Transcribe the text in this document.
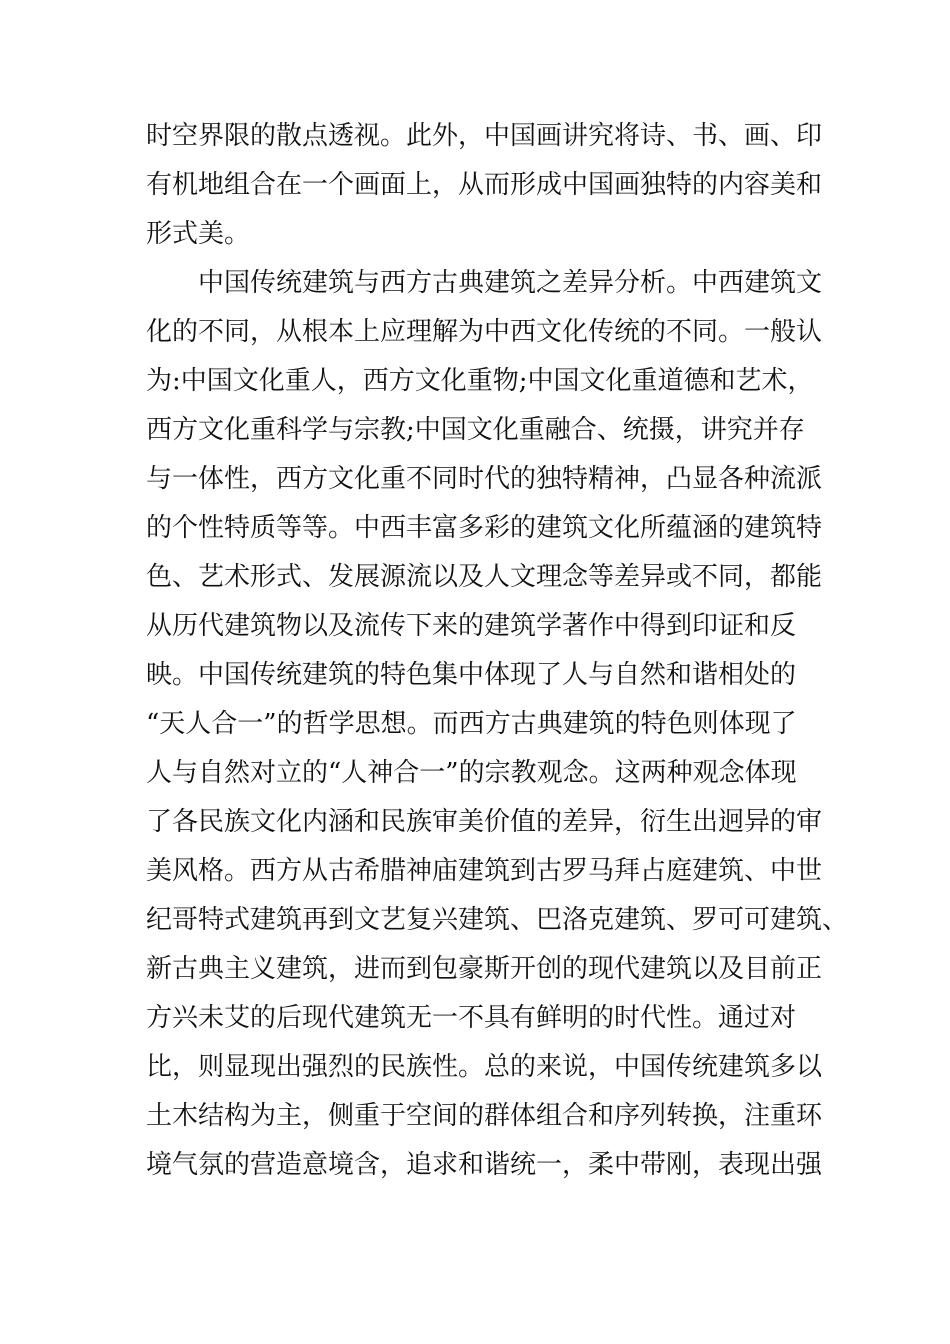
时空界限的散点透视。此外，中国画讲究将诗、书、画、印
有机地组合在一个画面上，从而形成中国画独特的内容美和
形式美。
中国传统建筑与西方古典建筑之差异分析。中西建筑文
化的不同，从根本上应理解为中西文化传统的不同。一般认
为:中国文化重人，西方文化重物;中国文化重道德和艺术，
西方文化重科学与宗教;中国文化重融合、统摄，讲究并存
与一体性，西方文化重不同时代的独特精神，凸显各种流派
的个性特质等等。中西丰富多彩的建筑文化所蕴涵的建筑特
色、艺术形式、发展源流以及人文理念等差异或不同，都能
从历代建筑物以及流传下来的建筑学著作中得到印证和反
映。中国传统建筑的特色集中体现了人与自然和谐相处的
“天人合一”的哲学思想。而西方古典建筑的特色则体现了
人与自然对立的“人神合一”的宗教观念。这两种观念体现
了各民族文化内涵和民族审美价值的差异，衍生出迥异的审
美风格。西方从古希腊神庙建筑到古罗马拜占庭建筑、中世
纪哥特式建筑再到文艺复兴建筑、巴洛克建筑、罗可可建筑、
新古典主义建筑，进而到包豪斯开创的现代建筑以及目前正
方兴未艾的后现代建筑无一不具有鲜明的时代性。通过对
比，则显现出强烈的民族性。总的来说，中国传统建筑多以
土木结构为主，侧重于空间的群体组合和序列转换，注重环
境气氛的营造意境含，追求和谐统一，柔中带刚，表现出强
